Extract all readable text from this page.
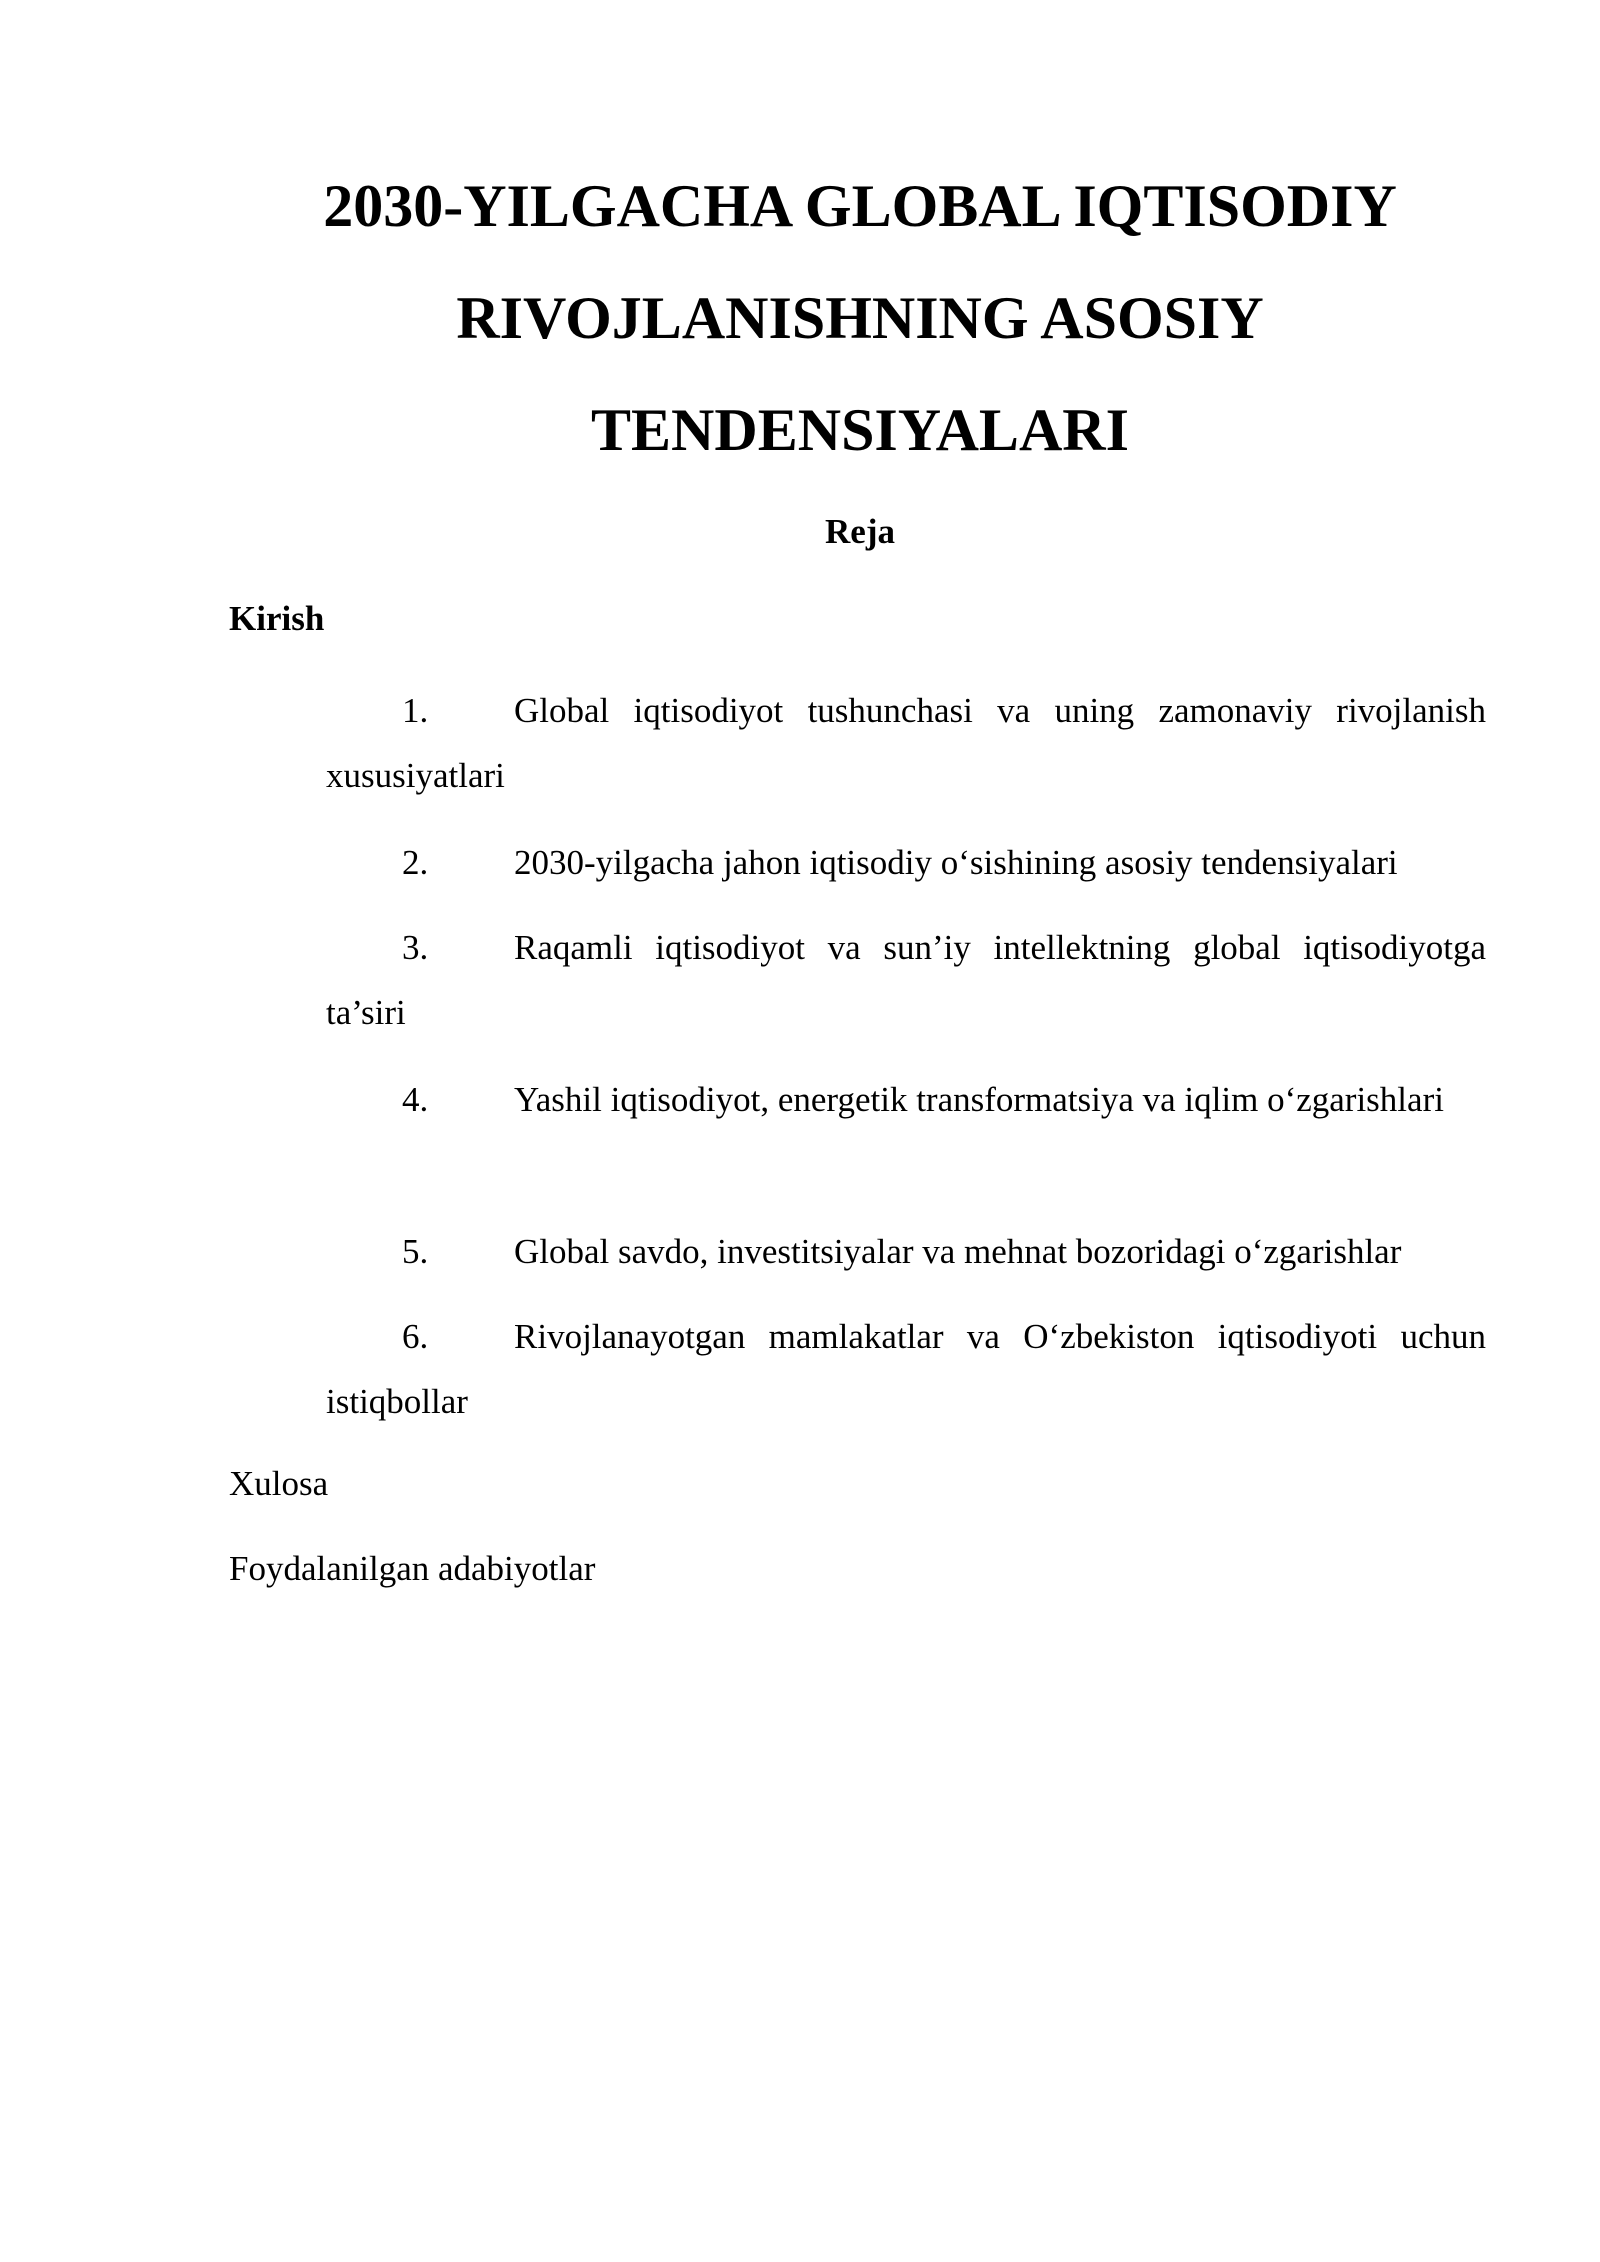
2030-YILGACHA GLOBAL IQTISODIY
RIVOJLANISHNING ASOSIY
TENDENSIYALARI
Reja

Kirish

1. Global iqtisodiyot tushunchasi va uning zamonaviy rivojlanish xususiyatlari
2. 2030-yilgacha jahon iqtisodiy o‘sishining asosiy tendensiyalari
3. Raqamli iqtisodiyot va sun’iy intellektning global iqtisodiyotga ta’siri
4. Yashil iqtisodiyot, energetik transformatsiya va iqlim o‘zgarishlari
5. Global savdo, investitsiyalar va mehnat bozoridagi o‘zgarishlar
6. Rivojlanayotgan mamlakatlar va O‘zbekiston iqtisodiyoti uchun istiqbollar

Xulosa

Foydalanilgan adabiyotlar
